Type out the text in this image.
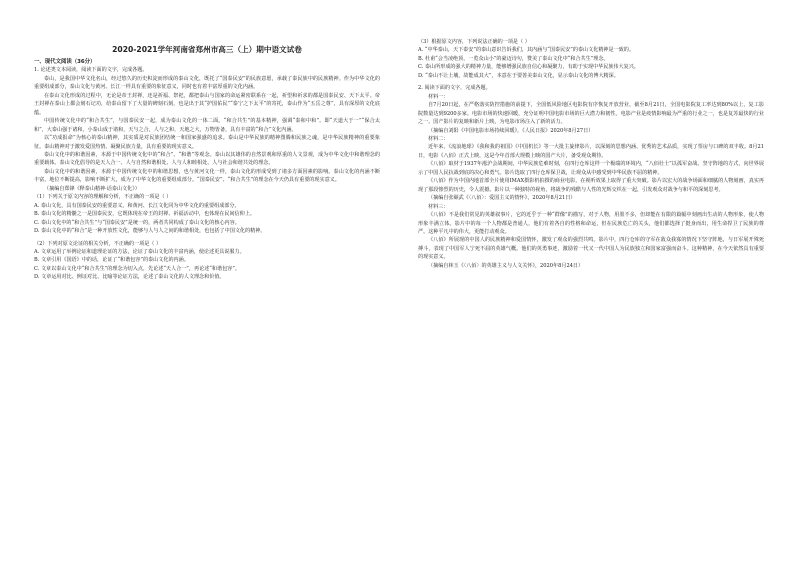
2020-2021学年河南省郑州市高三（上）期中语文试卷

一、现代文阅读（36分）

1. 论述类文本阅读，阅读下面的文字，完成各题。

泰山，是我国中华文化名山，经过悠久的历史积淀而形成的泰山文化，既托了“国泰民安”的民族意愿，承载了泰民族中的民族精神。作为中华文化的重要组成部分，泰山文化与黄河、长江一样具有重要的象征意义，同时也有着丰富厚重的文化内涵。

在泰山文化形成的过程中，无论是帝王封禅，还是祈福、祭祀，都把泰山与国家的命运紧密联系在一起，祈望和祈求的都是国泰民安、天下太平。帝王封禅在泰山上都会刻石记功，给泰山留下了大量的碑刻石刻，也是出于其“护国佑民”“泰宁之下太平”的寄托，泰山作为“五岳之尊”，具有深厚的文化底蕴。

中国传统文化中的“和合共生”，与国泰民安一起，成为泰山文化的一体二面。“和合共生”的基本精神，强调“泰和中和”。即“天道大于一”“保合太和”，大泰山强于诸和，小泰山成于诸和，天与之合，人与之和，天地之大，万物皆备，具有丰富的“和合”文化内涵。

以“功成报命”为核心的泰山精神，其实质是对民族团结统一和国家强盛的追求。泰山是中华民族的精神图腾和民族之魂，是中华民族精神的重要象征。泰山精神对于激发爱国热情、凝聚民族力量，具有重要的现实意义。

泰山文化中的和谐因素，本源于中国传统文化中的“和合”、“和谐”等观念。泰山以其雄伟的自然景观和厚重的人文景观，成为中华文化中和谐理念的重要载体。泰山文化倡导的是天人合一、人与自然和谐相处、人与人和睦相处、人与社会和谐共处的理念。

泰山文化中的和谐因素，本源于中国传统文化中的和谐思想，也与黄河文化一样，泰山文化的形成受到了诸多方面因素的影响。泰山文化的内涵不断丰富，地位不断提高，影响不断扩大，成为了中华文化的重要组成部分。“国泰民安”、“和合共生”的理念在今天仍具有重要的现实意义。

（摘编自郑锋《释泰山精神·话泰山文化》）

（1）下列关于原文内容的理解和分析，不正确的一项是（ ）

A. 泰山文化，具有国泰民安的重要意义，和黄河、长江文化同为中华文化的重要组成部分。

B. 泰山文化的精髓之一是国泰民安，它既体现在帝王的封禅、祈福活动中，也体现在民间信仰上。

C. 泰山文化中的“和合共生”与“国泰民安”是统一的，两者共同构成了泰山文化的核心内容。

D. 泰山文化中的“和合”是一种开放性文化，能够与人与人之间的和谐相处，也包括了中国文化的精神。

（2）下列对原文论证的相关分析，不正确的一项是（ ）

A. 文章运用了举例论证和道理论证的方法，论证了泰山文化的丰富内涵，使论述更具说服力。

B. 文章引用《国语》中的话，论证了“和谐包容”的泰山文化的内涵。

C. 文章以泰山文化中“和合共生”的理念为切入点，先论述“天人合一”，再论述“和谐包容”。

D. 文章运用对比、例证对比、比喻等论证方法，论述了泰山文化的人文理念和价值。

（3）根据原文内容，下列说法正确的一项是（ ）

A. “中华泰山，天下泰安”的泰山意识告诉我们，其内涵与“国泰民安”的泰山文化精神是一致的。

B. 杜甫“会当凌绝顶，一览众山小”的豪迈诗句，赞美了泰山文化中“和合共生”理念。

C. 泰山所形成的强大的精神力量，能够增强民族自信心和凝聚力，有助于实现中华民族伟大复兴。

D. “泰山不让土壤，故能成其大”，本意在于要善美泰山文化，显示泰山文化的博大精深。

2. 阅读下面的文字，完成各题。

材料一：

自7月20日起，在严格落实防控措施的前提下，全国低风险地区电影院有序恢复开放营业，截至8月21日，全国电影院复工率达到80%以上，复工影院数量达到9200多家。电影市场的快速回暖，充分证明中国电影市场的巨大潜力和韧性。电影产业是疫情影响最为严重的行业之一，也是复苏最快的行业之一。国产影片的复映和新片上映，为电影市场注入了新的活力。

（摘编自刘阳《中国电影市场持续回暖》，《人民日报》2020年8月27日）

材料二：

近年来，《流浪地球》《我和我的祖国》《中国机长》等一大批主旋律影片，以深刻的思想内涵、优秀的艺术品质，实现了票房与口碑的双丰收。8月21日，电影《八佰》正式上映，这是今年首部大规模上映的国产大片，备受观众期待。

《八佰》取材于1937年淞沪会战期间，中华民族危难时刻，在四行仓库这样一个极端的环境内，“八佰壮士”以孤军奋战、坚守阵地的方式，向世界展示了中国人民抗战到底的决心和勇气。影片选取了四行仓库保卫战，让观众从中感受到中华民族不屈的精神。

《八佰》作为中国内地首部全片使用IMAX摄影机拍摄的商业电影，在视听效果上取得了重大突破。影片以宏大的战争场面和细腻的人物刻画，真实再现了那段惨烈的历史，令人震撼。影片以一种独特的视角，将战争的残酷与人性的光辉交织在一起，引发观众对战争与和平的深刻思考。

（摘编自张颐武《〈八佰〉：爱国主义的情怀》，2020年8月21日）

材料三：

《八佰》不是我们常见的英雄叙事片，它的近乎于一种“群像”的描写，对于人物，用墨不多，但却能在有限的篇幅中刻画出生动的人物形象，使人物形象丰满立体。影片中的每一个人物都是普通人，他们有着各自的性格和命运，但在民族危亡的关头，他们都选择了挺身而出，用生命捍卫了民族的尊严。这种平凡中的伟大，更能打动观众。

《八佰》所展现的中国人的民族精神和爱国情怀，激发了观众的强烈共鸣。影片中，四行仓库的守军在敌众我寡的情况下坚守阵地，与日军展开殊死搏斗，表现了中国军人宁死不屈的英雄气概。他们的英勇事迹，激励着一代又一代中国人为民族独立和国家富强而奋斗。这种精神，在今天依然具有重要的现实意义。

（摘编自林玉《〈八佰〉的英雄主义与人文关怀》，2020年8月24日）
